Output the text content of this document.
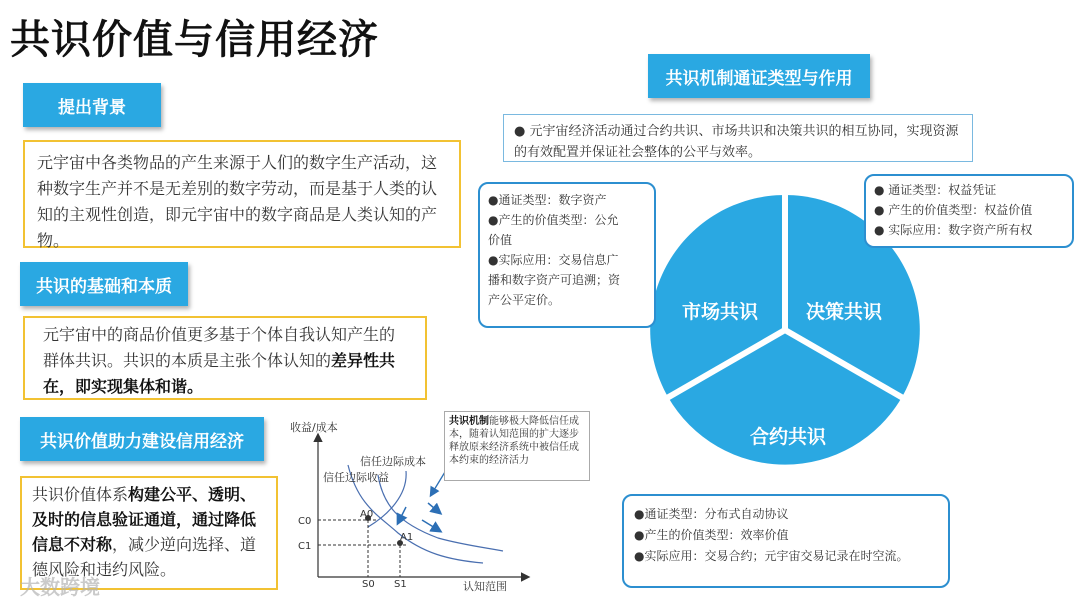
共识价值与信用经济
提出背景
元宇宙中各类物品的产生来源于人们的数字生产活动，这种数字生产并不是无差别的数字劳动，而是基于人类的认知的主观性创造，即元宇宙中的数字商品是人类认知的产物。
共识的基础和本质
元宇宙中的商品价值更多基于个体自我认知产生的群体共识。共识的本质是主张个体认知的差异性共在，即实现集体和谐。
共识价值助力建设信用经济
共识价值体系构建公平、透明、及时的信息验证通道，通过降低信息不对称，减少逆向选择、道德风险和违约风险。
收益/成本
认知范围
信任边际成本
信任边际收益
A0
A1
C0
C1
S0 S1
共识机制能够极大降低信任成本，随着认知范围的扩大逐步释放原来经济系统中被信任成本约束的经济活力
共识机制通证类型与作用
● 元宇宙经济活动通过合约共识、市场共识和决策共识的相互协同，实现资源的有效配置并保证社会整体的公平与效率。
市场共识	决策共识
合约共识
●通证类型：数字资产
●产生的价值类型：公允
价值
●实际应用：交易信息广
播和数字资产可追溯；资
产公平定价。
● 通证类型：权益凭证
● 产生的价值类型：权益价值
● 实际应用：数字资产所有权
●通证类型：分布式自动协议
●产生的价值类型：效率价值
●实际应用：交易合约；元宇宙交易记录在时空流。
大数跨境
